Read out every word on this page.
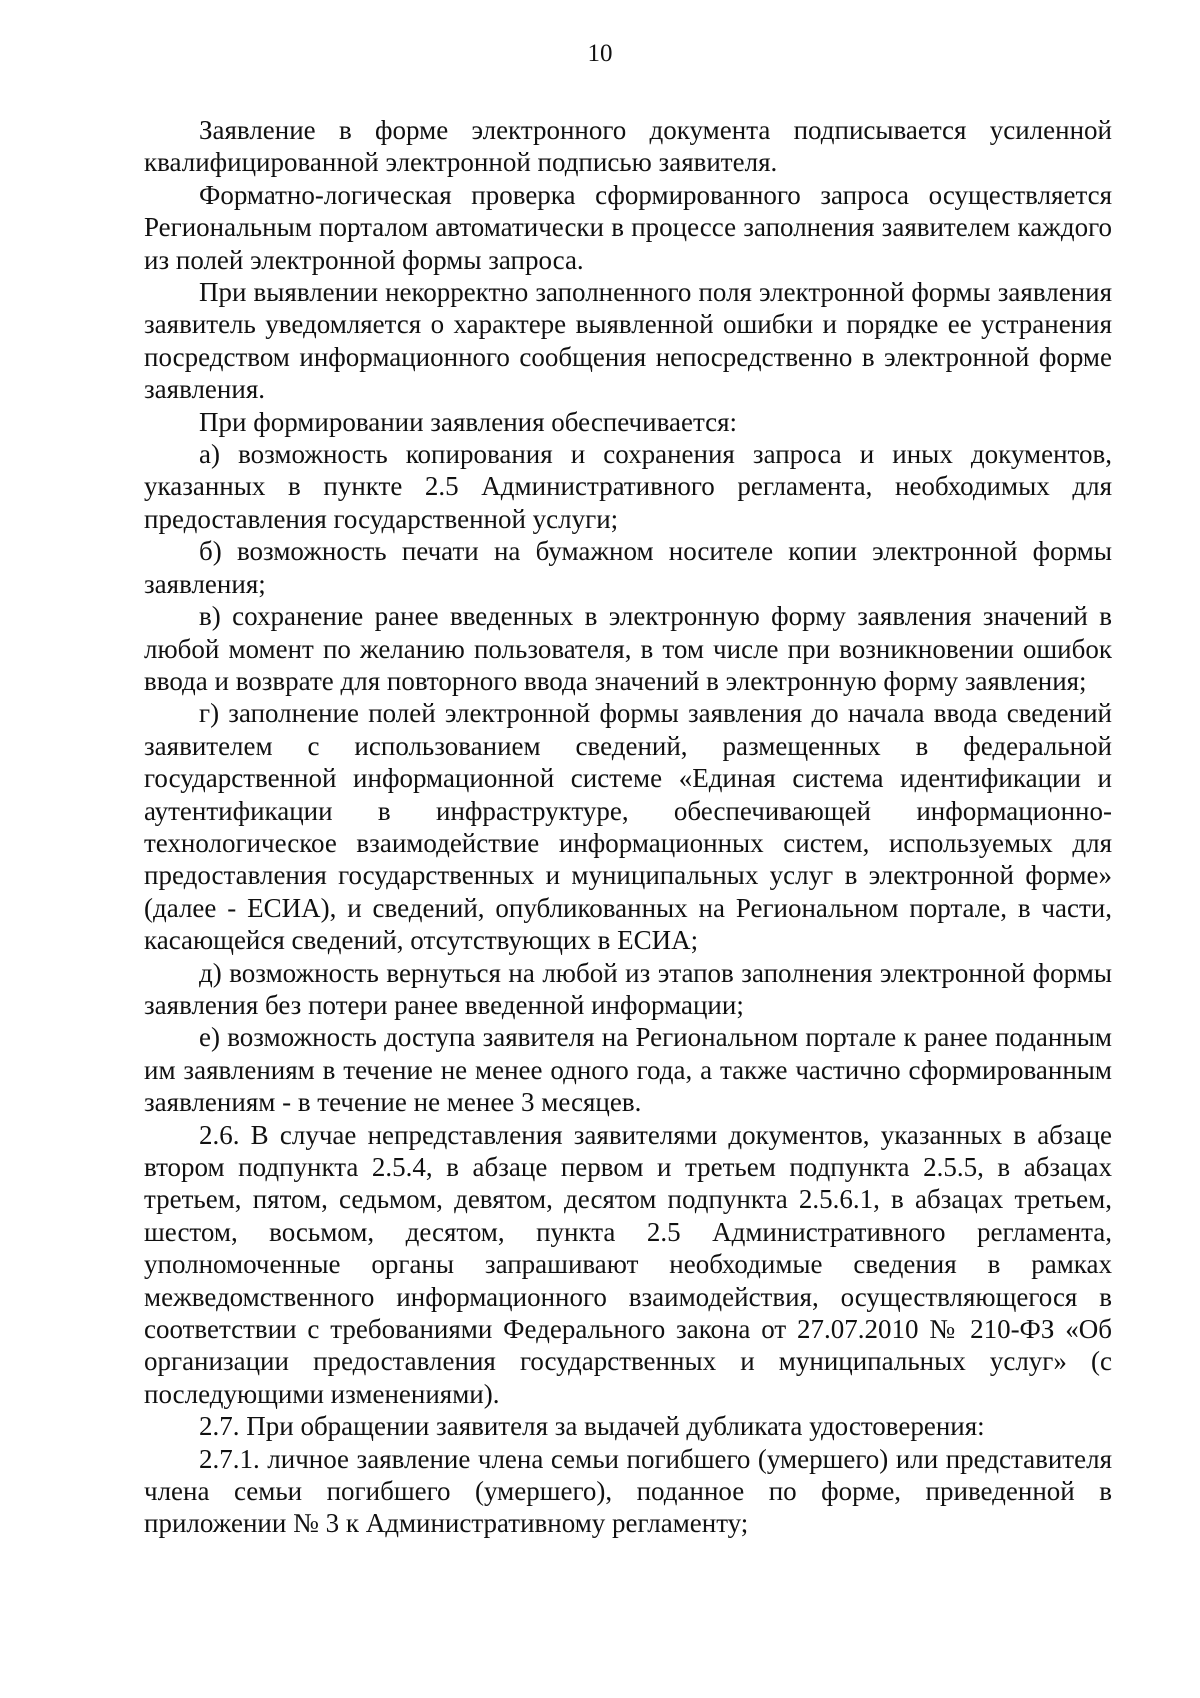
10

Заявление в форме электронного документа подписывается усиленной квалифицированной электронной подписью заявителя.

Форматно-логическая проверка сформированного запроса осуществляется Региональным порталом автоматически в процессе заполнения заявителем каждого из полей электронной формы запроса.

При выявлении некорректно заполненного поля электронной формы заявления заявитель уведомляется о характере выявленной ошибки и порядке ее устранения посредством информационного сообщения непосредственно в электронной форме заявления.

При формировании заявления обеспечивается:

а) возможность копирования и сохранения запроса и иных документов, указанных в пункте 2.5 Административного регламента, необходимых для предоставления государственной услуги;

б) возможность печати на бумажном носителе копии электронной формы заявления;

в) сохранение ранее введенных в электронную форму заявления значений в любой момент по желанию пользователя, в том числе при возникновении ошибок ввода и возврате для повторного ввода значений в электронную форму заявления;

г) заполнение полей электронной формы заявления до начала ввода сведений заявителем с использованием сведений, размещенных в федеральной государственной информационной системе «Единая система идентификации и аутентификации в инфраструктуре, обеспечивающей информационно-технологическое взаимодействие информационных систем, используемых для предоставления государственных и муниципальных услуг в электронной форме» (далее - ЕСИА), и сведений, опубликованных на Региональном портале, в части, касающейся сведений, отсутствующих в ЕСИА;

д) возможность вернуться на любой из этапов заполнения электронной формы заявления без потери ранее введенной информации;

е) возможность доступа заявителя на Региональном портале к ранее поданным им заявлениям в течение не менее одного года, а также частично сформированным заявлениям - в течение не менее 3 месяцев.

2.6. В случае непредставления заявителями документов, указанных в абзаце втором подпункта 2.5.4, в абзаце первом и третьем подпункта 2.5.5, в абзацах третьем, пятом, седьмом, девятом, десятом подпункта 2.5.6.1, в абзацах третьем, шестом, восьмом, десятом, пункта 2.5 Административного регламента, уполномоченные органы запрашивают необходимые сведения в рамках межведомственного информационного взаимодействия, осуществляющегося в соответствии с требованиями Федерального закона от 27.07.2010 № 210-ФЗ «Об организации предоставления государственных и муниципальных услуг» (с последующими изменениями).

2.7. При обращении заявителя за выдачей дубликата удостоверения:

2.7.1. личное заявление члена семьи погибшего (умершего) или представителя члена семьи погибшего (умершего), поданное по форме, приведенной в приложении № 3 к Административному регламенту;
